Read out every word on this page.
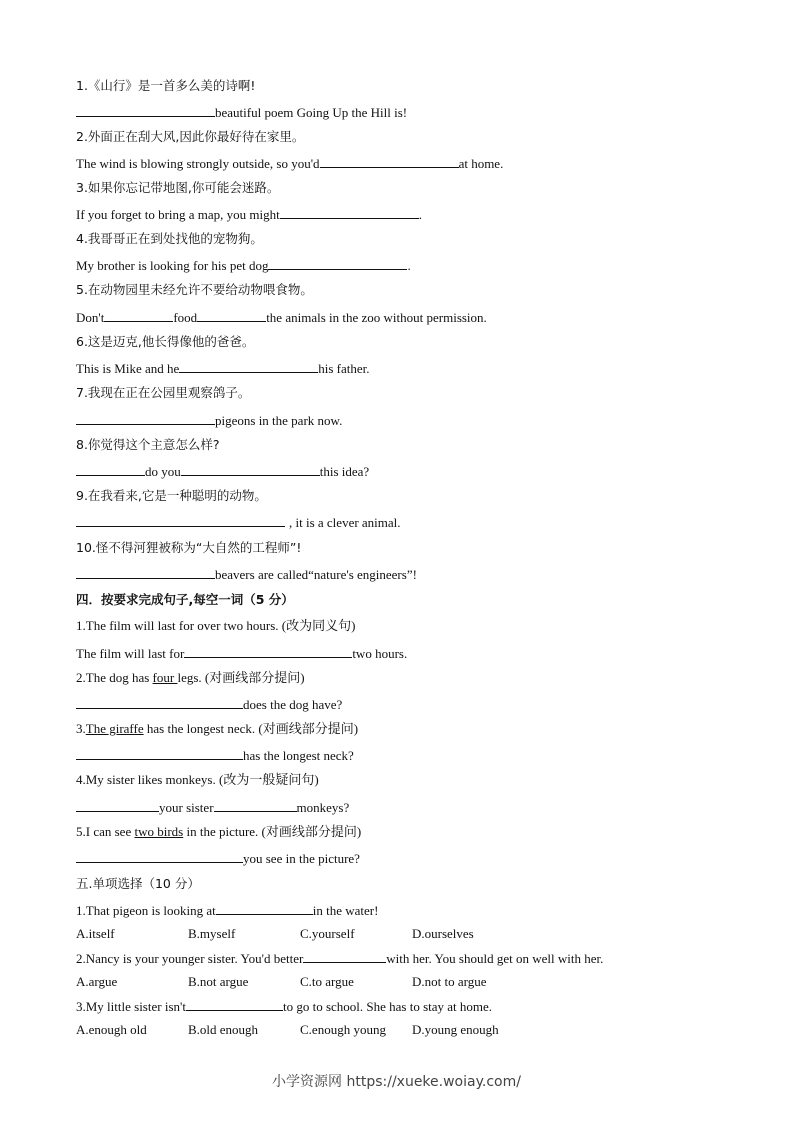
1.《山行》是一首多么美的诗啊!
beautiful poem Going Up the Hill is!
2.外面正在刮大风,因此你最好待在家里。
The wind is blowing strongly outside, so you'd	at home.
3.如果你忘记带地图,你可能会迷路。
If you forget to bring a map, you might	.
4.我哥哥正在到处找他的宠物狗。
My brother is looking for his pet dog	.
5.在动物园里未经允许不要给动物喂食物。
Don't	food	the animals in the zoo without permission.
6.这是迈克,他长得像他的爸爸。
This is Mike and he	his father.
7.我现在正在公园里观察鸽子。
pigeons in the park now.
8.你觉得这个主意怎么样?
do you	this idea?
9.在我看来,它是一种聪明的动物。
, it is a clever animal.
10.怪不得河狸被称为“大自然的工程师”!
beavers are called“nature's engineers”!
四．按要求完成句子,每空一词（5 分）
1.The film will last for over two hours. (改为同义句)
The film will last for	two hours.
2.The dog has four legs. (对画线部分提问)
does the dog have?
3.The giraffe has the longest neck. (对画线部分提问)
has the longest neck?
4.My sister likes monkeys. (改为一般疑问句)
your sister	monkeys?
5.I can see two birds in the picture. (对画线部分提问)
you see in the picture?
五.单项选择（10 分）
1.That pigeon is looking at	in the water!
A.itself	B.myself	C.yourself	D.ourselves
2.Nancy is your younger sister. You'd better	with her. You should get on well with her.
A.argue	B.not argue	C.to argue	D.not to argue
3.My little sister isn't	to go to school. She has to stay at home.
A.enough old	B.old enough	C.enough young D.young enough
小学资源网 https://xueke.woiay.com/
